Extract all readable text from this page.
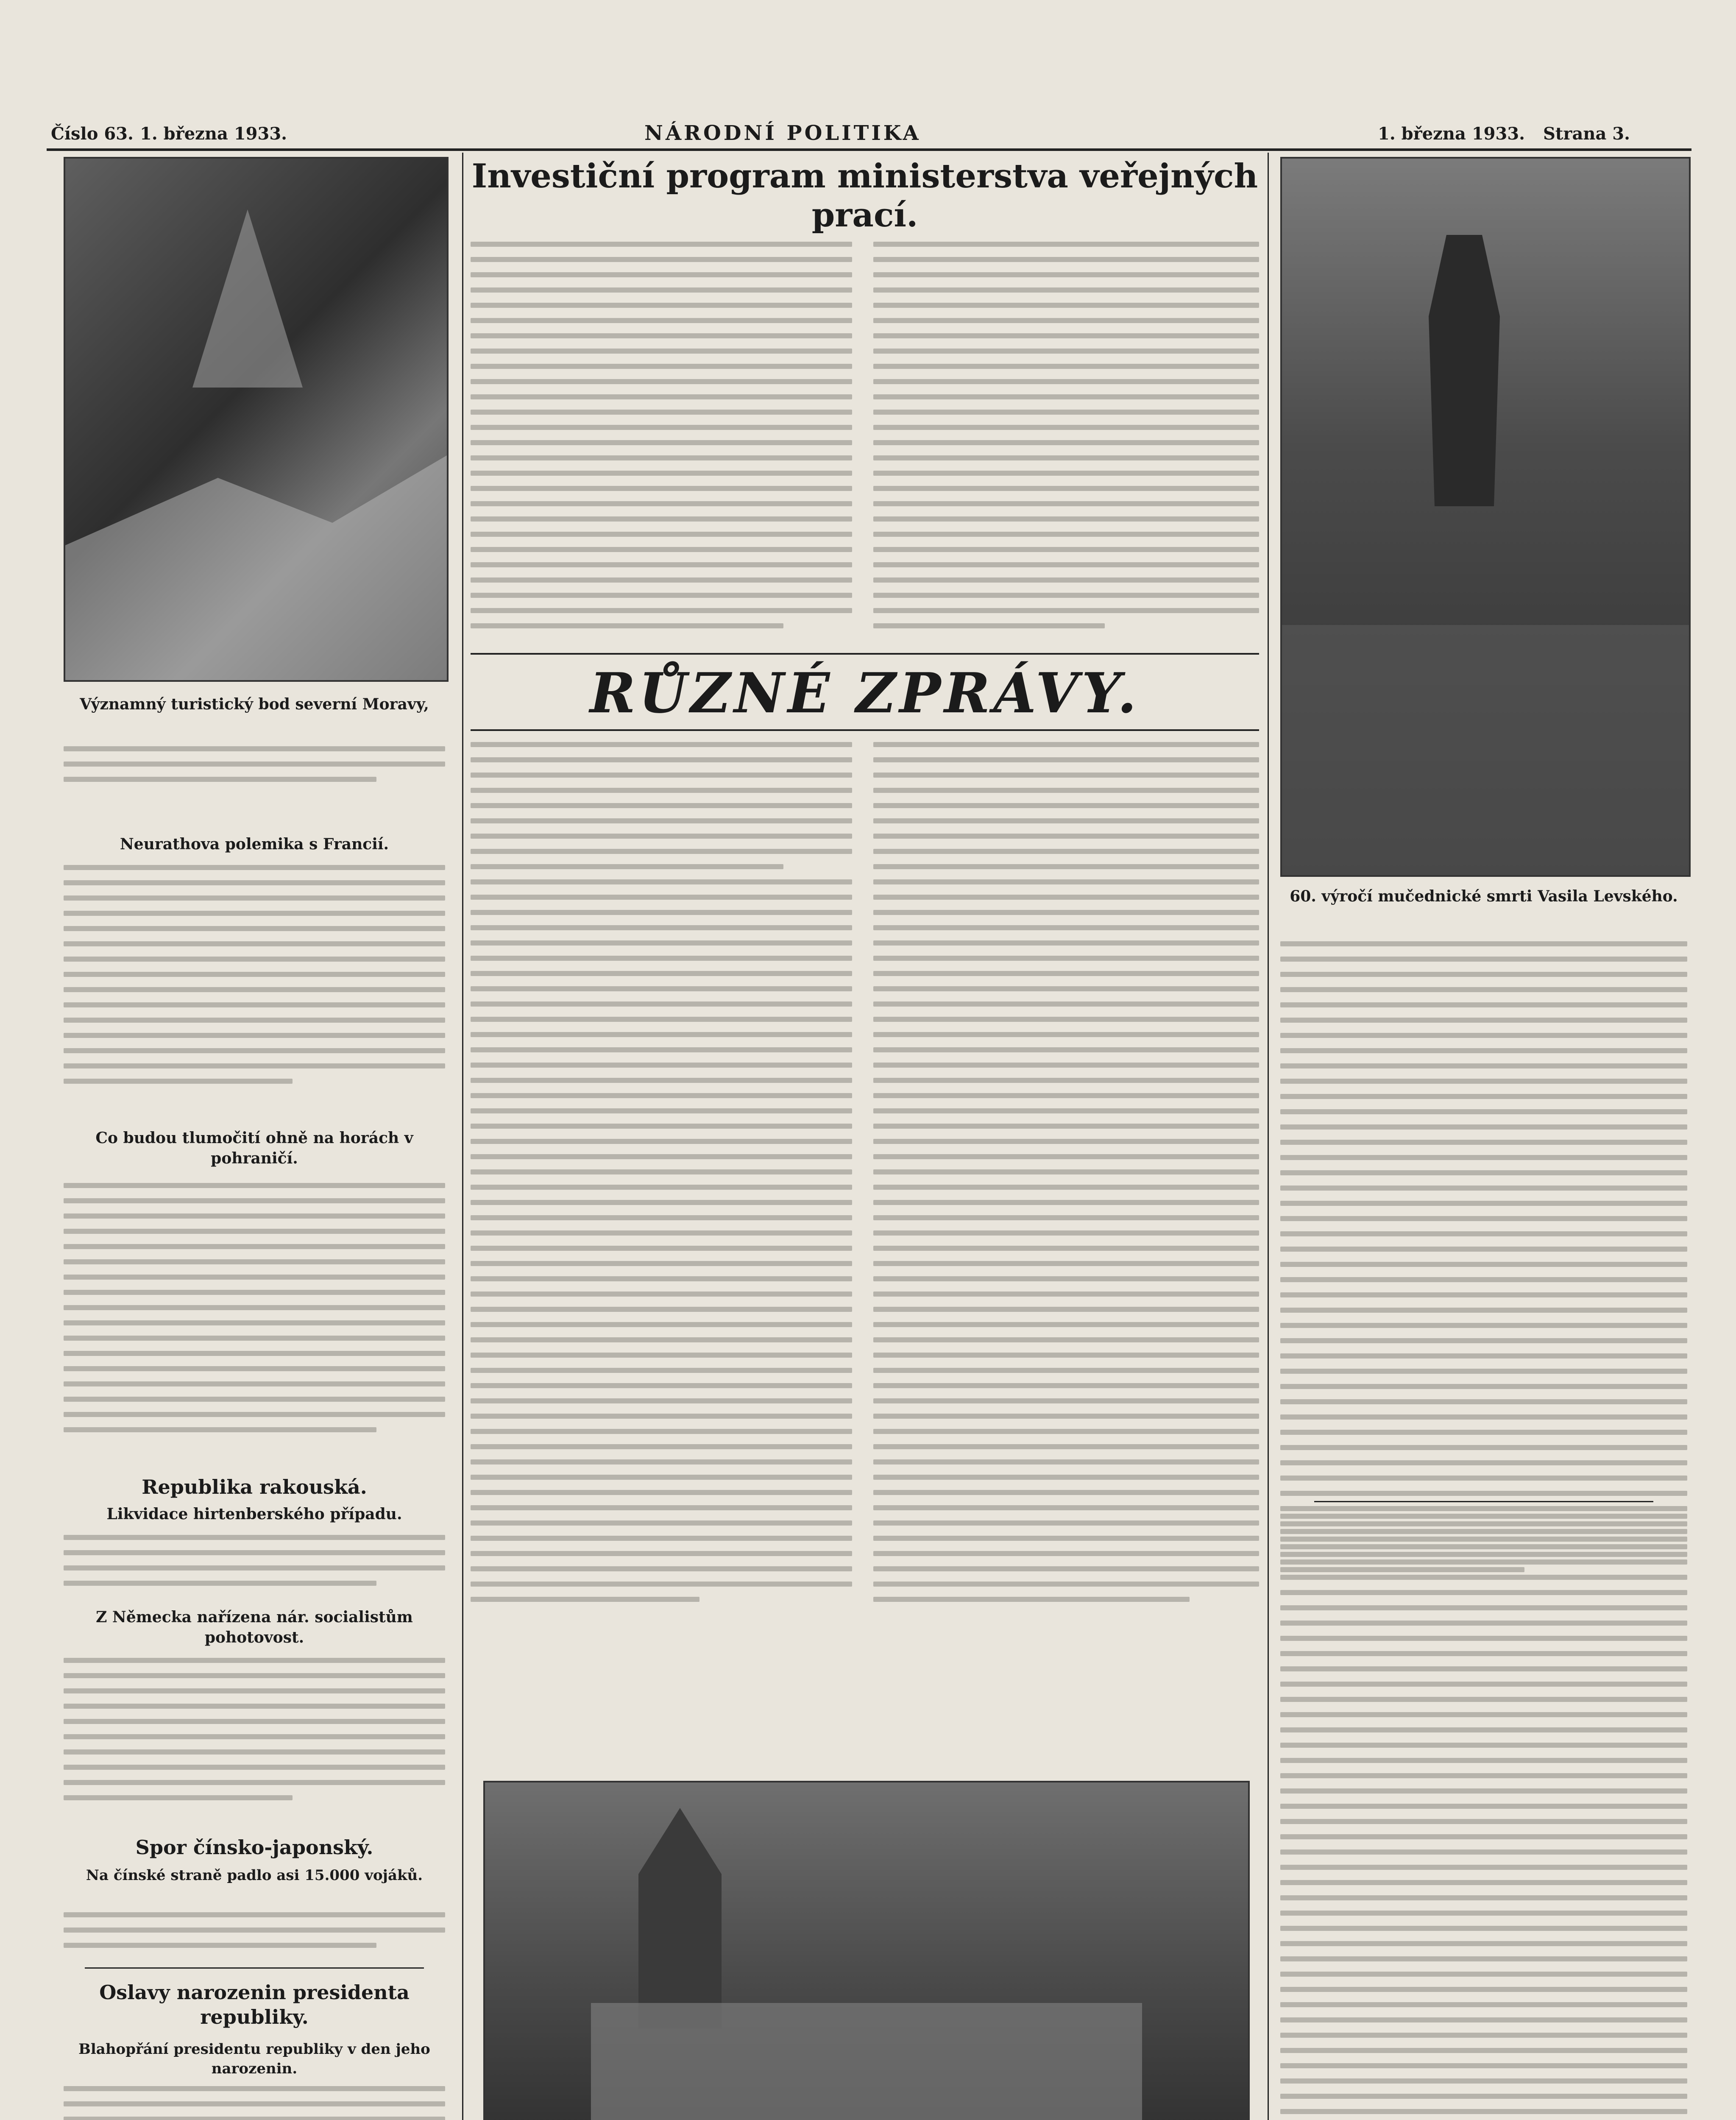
Číslo 63. 1. března 1933.	NÁRODNÍ POLITIKA	1. března 1933. Strana 3.
Významný turistický bod severní Moravy,
Neurathova polemika s Francií.
Co budou tlumočití ohně na horách v pohraničí.
Republika rakouská.
Likvidace hirtenberského případu.
Z Německa nařízena nár. socialistům pohotovost.
Spor čínsko-japonský.
Na čínské straně padlo asi 15.000 vojáků.
Oslavy narozenin presidenta republiky.
Blahopřání presidentu republiky v den jeho narozenin.
Investiční program ministerstva veřejných prací.
RŮZNÉ ZPRÁVY.
60. výročí mučednické smrti Vasila Levského.
